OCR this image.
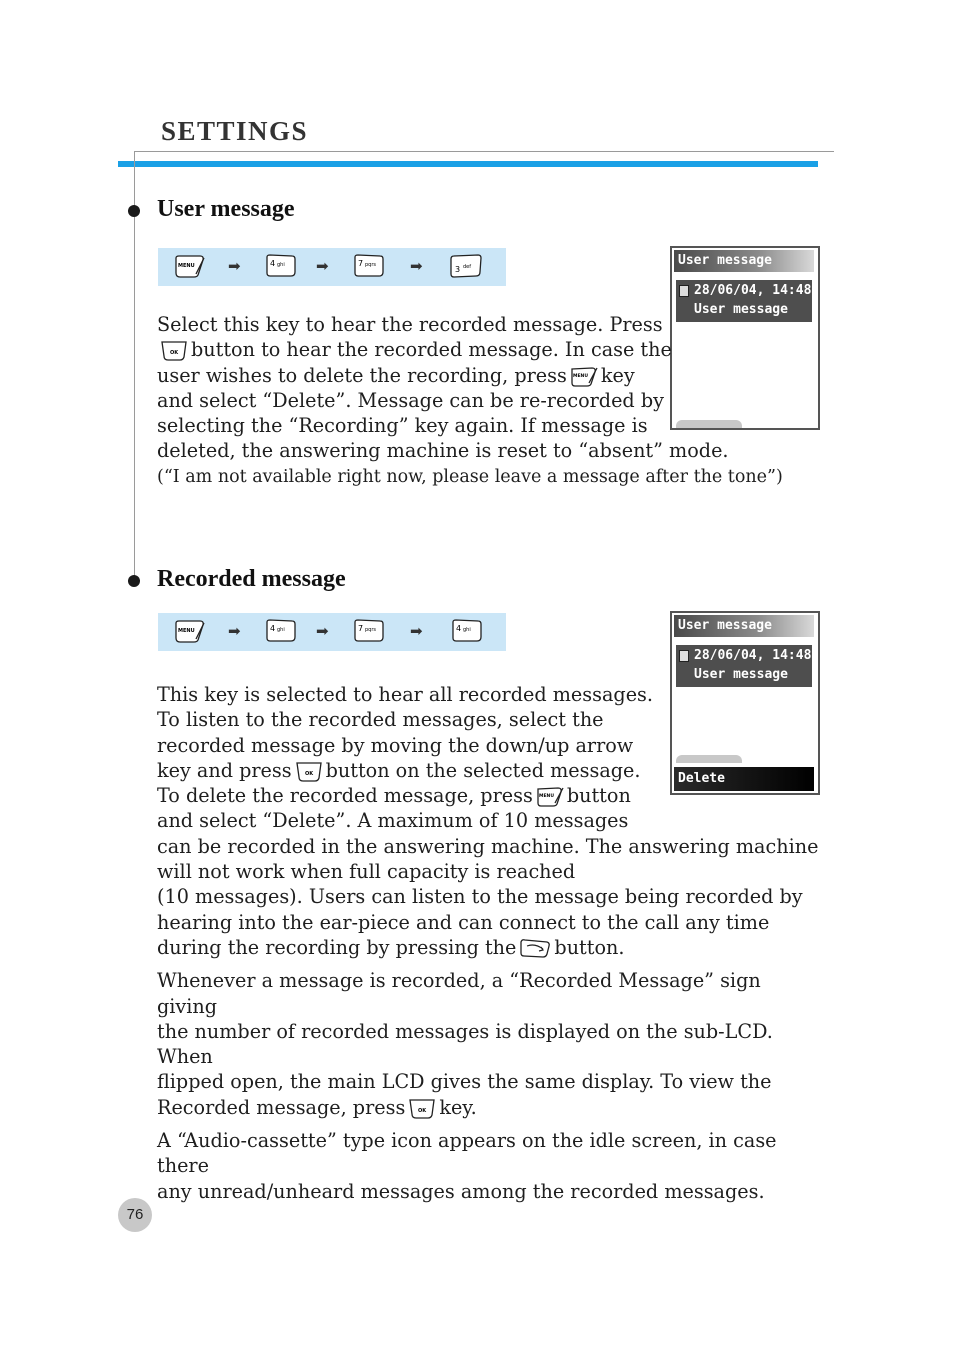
SETTINGS
User message
MENU ➡	4 ghi ➡	7 pqrs ➡	3 def	User message
28/06/04, 14:48
User message
Select this key to hear the recorded message. Press
OK button to hear the recorded message. In case the
user wishes to delete the recording, press MENU key
and select “Delete”. Message can be re-recorded by
selecting the “Recording” key again. If message is
deleted, the answering machine is reset to “absent” mode.
(“I am not available right now, please leave a message after the tone”)
Recorded message
MENU ➡	4 ghi ➡	7 pqrs ➡	4 ghi	User message
28/06/04, 14:48
User message
Delete
This key is selected to hear all recorded messages.
To listen to the recorded messages, select the
recorded message by moving the down/up arrow
key and press	OK button on the selected message.
To delete the recorded message, press MENU button
and select “Delete”. A maximum of 10 messages
can be recorded in the answering machine. The answering machine
will not work when full capacity is reached
(10 messages). Users can listen to the message being recorded by
hearing into the ear-piece and can connect to the call any time
during the recording by pressing the button.
Whenever a message is recorded, a “Recorded Message” sign giving
the number of recorded messages is displayed on the sub-LCD. When
flipped open, the main LCD gives the same display. To view the
Recorded message, press	OK key.
A “Audio-cassette” type icon appears on the idle screen, in case there
any unread/unheard messages among the recorded messages.
76
